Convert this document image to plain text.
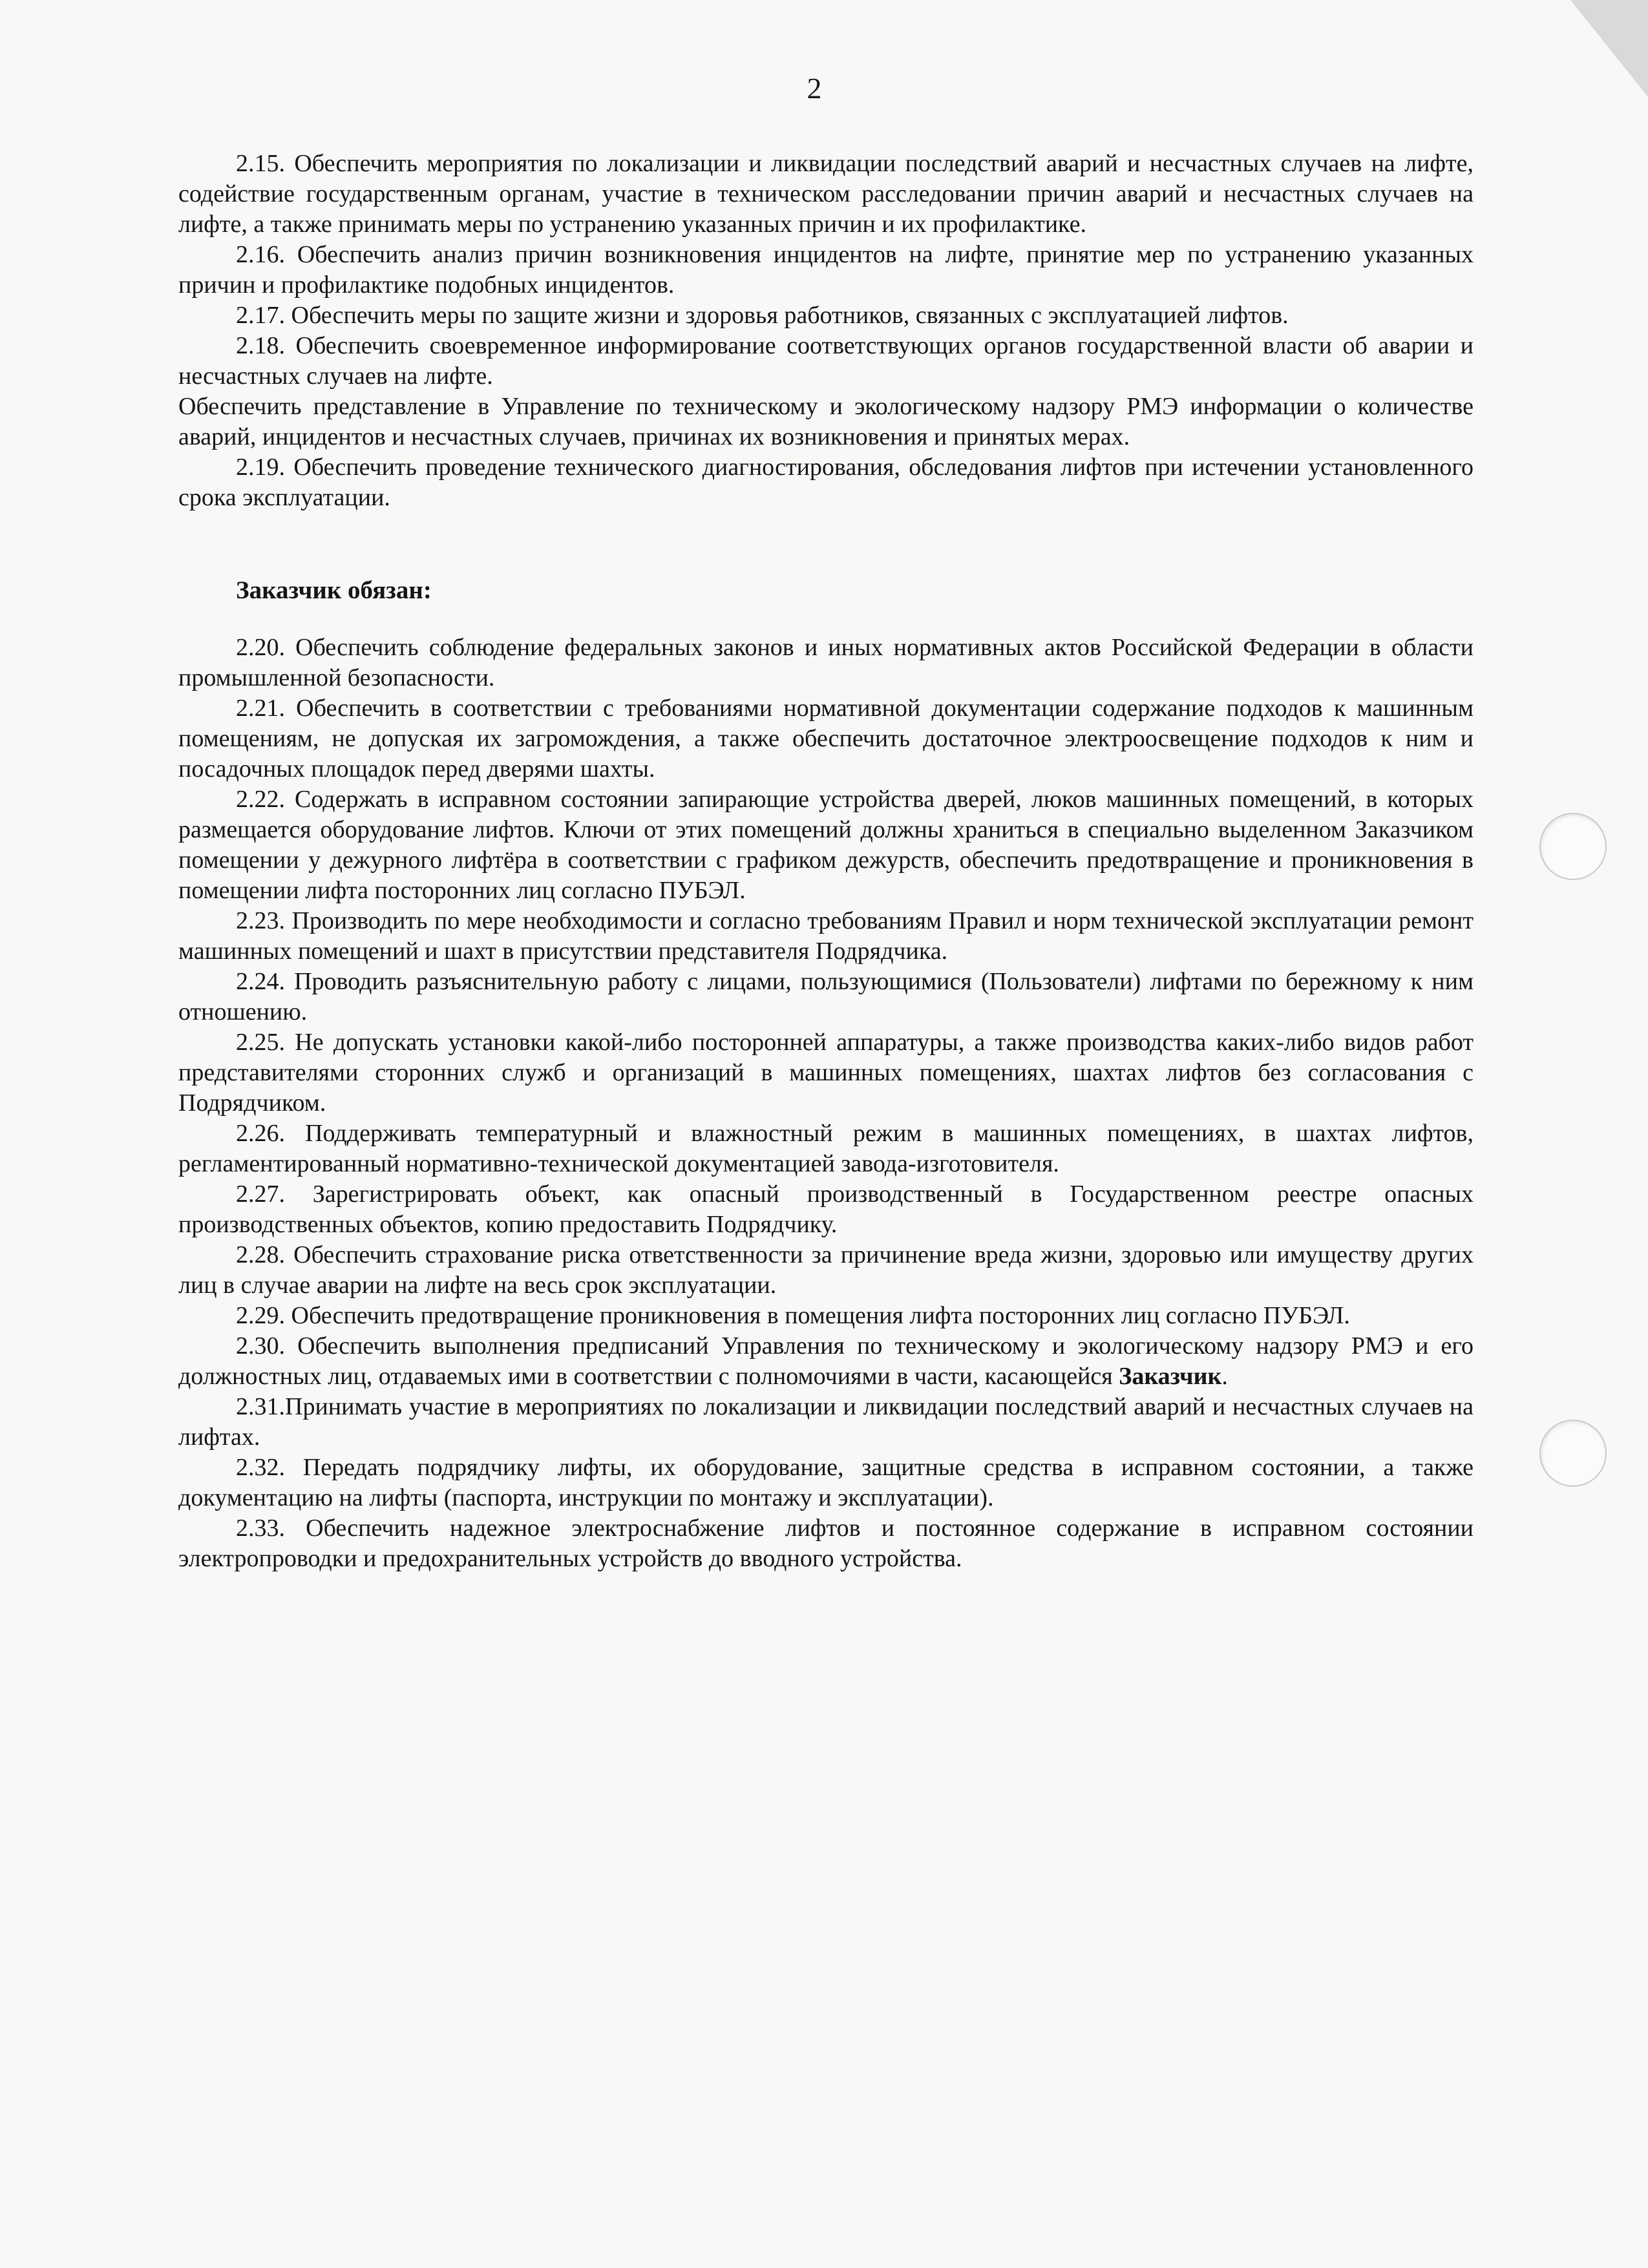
2

2.15. Обеспечить мероприятия по локализации и ликвидации последствий аварий и несчастных случаев на лифте, содействие государственным органам, участие в техническом расследовании причин аварий и несчастных случаев на лифте, а также принимать меры по устранению указанных причин и их профилактике.

2.16. Обеспечить анализ причин возникновения инцидентов на лифте, принятие мер по устранению указанных причин и профилактике подобных инцидентов.

2.17. Обеспечить меры по защите жизни и здоровья работников, связанных с эксплуатацией лифтов.

2.18. Обеспечить своевременное информирование соответствующих органов государственной власти об аварии и несчастных случаев на лифте.

Обеспечить представление в Управление по техническому и экологическому надзору РМЭ информации о количестве аварий, инцидентов и несчастных случаев, причинах их возникновения и принятых мерах.

2.19. Обеспечить проведение технического диагностирования, обследования лифтов при истечении установленного срока эксплуатации.

Заказчик обязан:

2.20. Обеспечить соблюдение федеральных законов и иных нормативных актов Российской Федерации в области промышленной безопасности.

2.21. Обеспечить в соответствии с требованиями нормативной документации содержание подходов к машинным помещениям, не допуская их загромождения, а также обеспечить достаточное электроосвещение подходов к ним и посадочных площадок перед дверями шахты.

2.22. Содержать в исправном состоянии запирающие устройства дверей, люков машинных помещений, в которых размещается оборудование лифтов. Ключи от этих помещений должны храниться в специально выделенном Заказчиком помещении у дежурного лифтёра в соответствии с графиком дежурств, обеспечить предотвращение и проникновения в помещении лифта посторонних лиц согласно ПУБЭЛ.

2.23. Производить по мере необходимости и согласно требованиям Правил и норм технической эксплуатации ремонт машинных помещений и шахт в присутствии представителя Подрядчика.

2.24. Проводить разъяснительную работу с лицами, пользующимися (Пользователи) лифтами по бережному к ним отношению.

2.25. Не допускать установки какой-либо посторонней аппаратуры, а также производства каких-либо видов работ представителями сторонних служб и организаций в машинных помещениях, шахтах лифтов без согласования с Подрядчиком.

2.26. Поддерживать температурный и влажностный режим в машинных помещениях, в шахтах лифтов, регламентированный нормативно-технической документацией завода-изготовителя.

2.27. Зарегистрировать объект, как опасный производственный в Государственном реестре опасных производственных объектов, копию предоставить Подрядчику.

2.28. Обеспечить страхование риска ответственности за причинение вреда жизни, здоровью или имуществу других лиц в случае аварии на лифте на весь срок эксплуатации.

2.29. Обеспечить предотвращение проникновения в помещения лифта посторонних лиц согласно ПУБЭЛ.

2.30. Обеспечить выполнения предписаний Управления по техническому и экологическому надзору РМЭ и его должностных лиц, отдаваемых ими в соответствии с полномочиями в части, касающейся Заказчик.

2.31.Принимать участие в мероприятиях по локализации и ликвидации последствий аварий и несчастных случаев на лифтах.

2.32. Передать подрядчику лифты, их оборудование, защитные средства в исправном состоянии, а также документацию на лифты (паспорта, инструкции по монтажу и эксплуатации).

2.33. Обеспечить надежное электроснабжение лифтов и постоянное содержание в исправном состоянии электропроводки и предохранительных устройств до вводного устройства.
